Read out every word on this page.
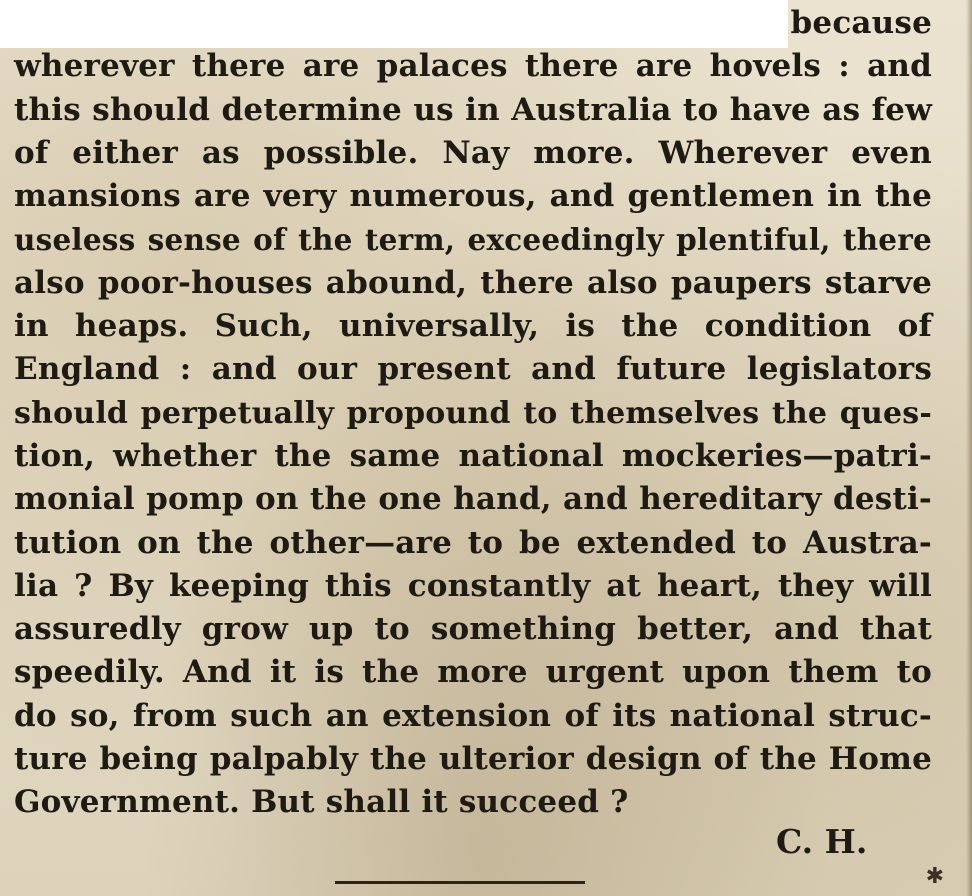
because
wherever there are palaces there are hovels : and
this should determine us in Australia to have as few
of either as possible. Nay more. Wherever even
mansions are very numerous, and gentlemen in the
useless sense of the term, exceedingly plentiful, there
also poor-houses abound, there also paupers starve
in heaps. Such, universally, is the condition of
England : and our present and future legislators
should perpetually propound to themselves the ques-
tion, whether the same national mockeries—patri-
monial pomp on the one hand, and hereditary desti-
tution on the other—are to be extended to Austra-
lia ? By keeping this constantly at heart, they will
assuredly grow up to something better, and that
speedily. And it is the more urgent upon them to
do so, from such an extension of its national struc-
ture being palpably the ulterior design of the Home
Government. But shall it succeed ?
C. H.
✱
